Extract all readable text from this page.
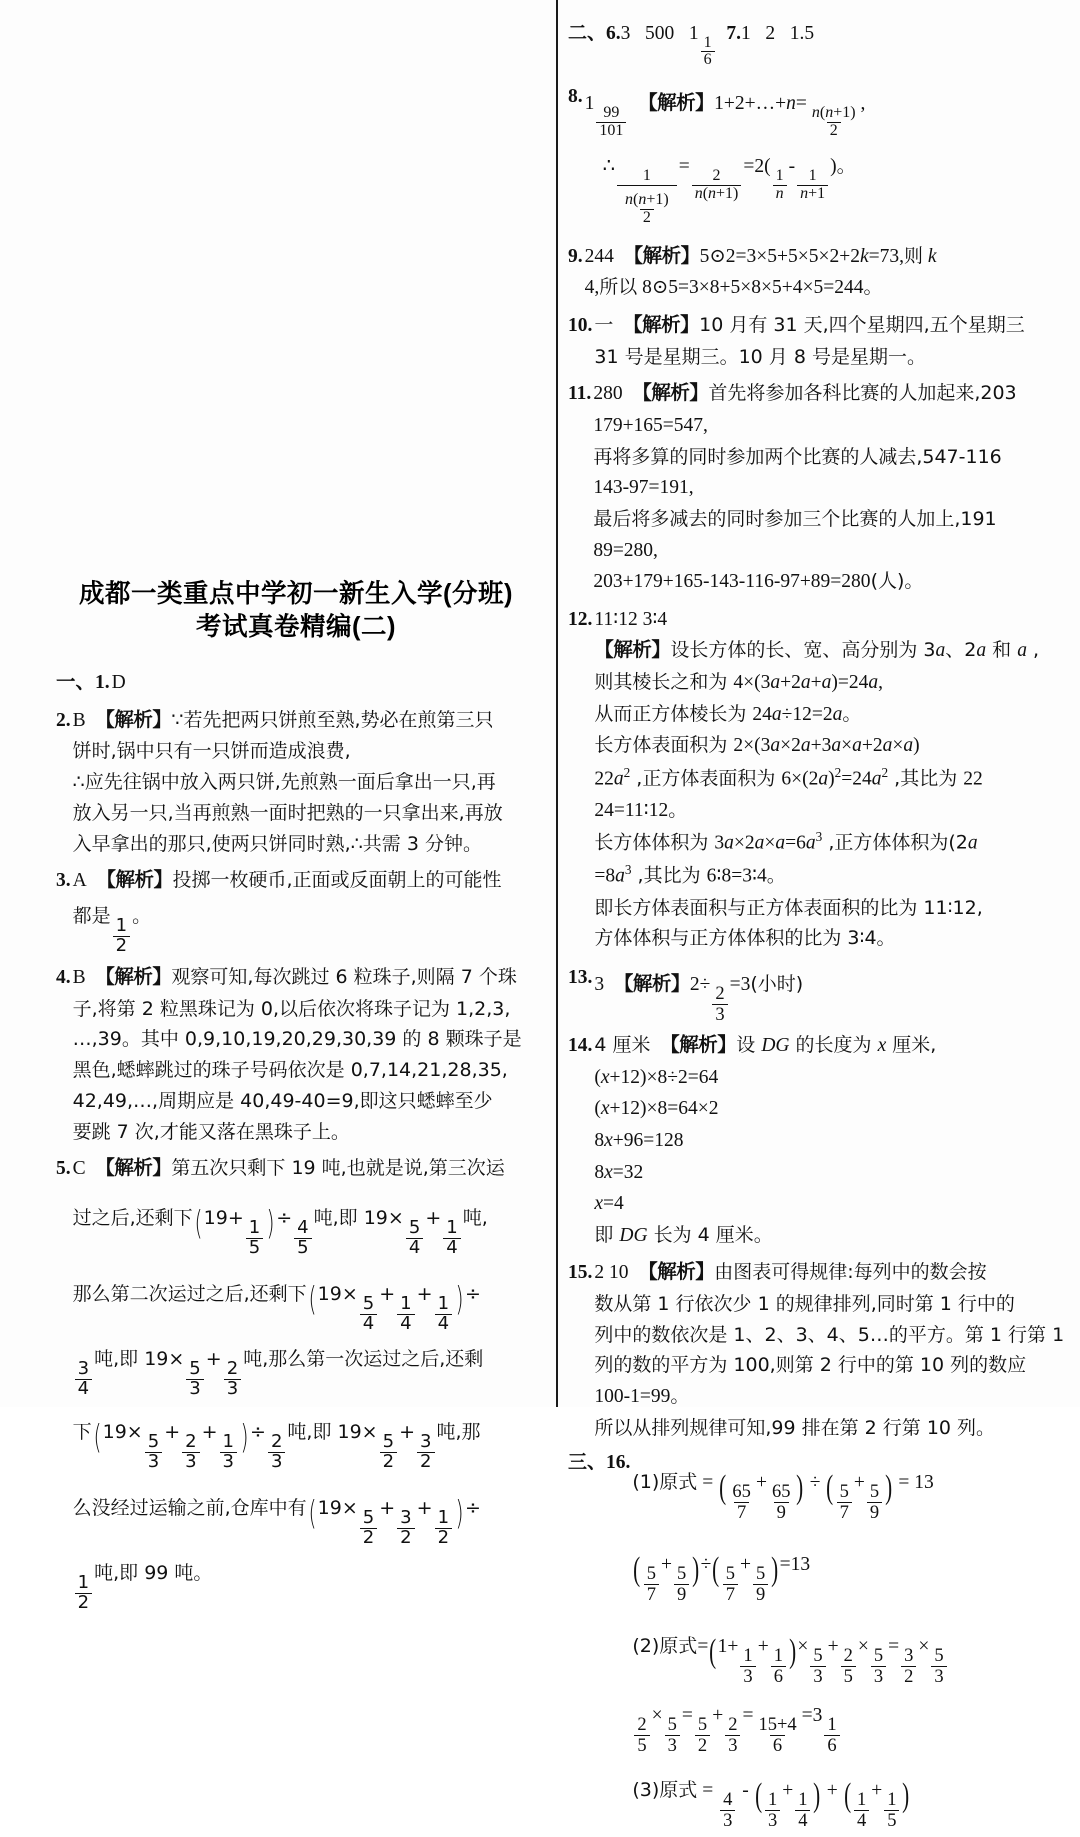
成都一类重点中学初一新生入学(分班)
考试真卷精编(二)
一、1. D
2. B 【解析】∵若先把两只饼煎至熟,势必在煎第三只
饼时,锅中只有一只饼而造成浪费,
∴应先往锅中放入两只饼,先煎熟一面后拿出一只,再
放入另一只,当再煎熟一面时把熟的一只拿出来,再放
入早拿出的那只,使两只饼同时熟,∴共需 3 分钟。
3. A 【解析】投掷一枚硬币,正面或反面朝上的可能性
都是
$\frac{1}{2}$
。
4. B 【解析】观察可知,每次跳过 6 粒珠子,则隔 7 个珠
子,将第 2 粒黑珠记为 0,以后依次将珠子记为 1,2,3,
…,39。其中 0,9,10,19,20,29,30,39 的 8 颗珠子是
黑色,蟋蟀跳过的珠子号码依次是 0,7,14,21,28,35,
42,49,…,周期应是 40,49-40=9,即这只蟋蟀至少
要跳 7 次,才能又落在黑珠子上。
5. C 【解析】第五次只剩下 19 吨,也就是说,第三次运
过之后,还剩下(19+
$\frac{1}{5}$ )÷
$\frac{4}{5}$
吨,即 19×
$\frac{5}{4}$
+
$\frac{1}{4}$
吨,
那么第二次运过之后,还剩下(19×
$\frac{5}{4}$
+
$\frac{1}{4}$
+
$\frac{1}{4}$ )÷
$\frac{3}{4}$
吨,即 19×
$\frac{5}{3}$
+
$\frac{2}{3}$
吨,那么第一次运过之后,还剩
下(19×
$\frac{5}{3}$
+
$\frac{2}{3}$
+
$\frac{1}{3}$ )÷
$\frac{2}{3}$
吨,即 19×
$\frac{5}{2}$
+
$\frac{3}{2}$
吨,那
么没经过运输之前,仓库中有(19×
$\frac{5}{2}$
+
$\frac{3}{2}$
+
$\frac{1}{2}$ )÷
$\frac{1}{2}$
吨,即 99 吨。
二、6.3 500 1
$\frac{1}{6}$
7.1 2 1.5
8. 1
$\frac{99}{101}$
【解析】1+2+…+n=
$\frac{n(n+1)}{2}$
,
∴
$\frac{1}{\frac{n(n+1)}{2}}$
=
$\frac{2}{n(n+1)}$
=2(
$\frac{1}{n}$
-
$\frac{1}{n+1}$
)。
9. 244 【解析】5⊙2=3×5+5×5×2+2k=73,则 k
4,所以 8⊙5=3×8+5×8×5+4×5=244。
10. 一 【解析】10 月有 31 天,四个星期四,五个星期三
31 号是星期三。10 月 8 号是星期一。
11. 280 【解析】首先将参加各科比赛的人加起来,203
179+165=547,
再将多算的同时参加两个比赛的人减去,547-116
143-97=191,
最后将多减去的同时参加三个比赛的人加上,191
89=280,
203+179+165-143-116-97+89=280(人)。
12. 11∶12 3∶4
【解析】设长方体的长、宽、高分别为 3a、2a 和 a ,
则其棱长之和为 4×(3a+2a+a)=24a,
从而正方体棱长为 24a÷12=2a。
长方体表面积为 2×(3a×2a+3a×a+2a×a)
$22a^2$ ,正方体表面积为 $6\times(2a)^2=24a^2$ ,其比为 22
24=11∶12。
长方体体积为 $3a\times 2a\times a=6a^3$ ,正方体体积为(2a
$=8a^3$ ,其比为 6∶8=3∶4。
即长方体表面积与正方体表面积的比为 11∶12,
方体体积与正方体体积的比为 3∶4。
13. 3 【解析】$2\div \frac{2}{3} =3$(小时)
14. 4 厘米 【解析】设 DG 的长度为 x 厘米,
(x+12)×8÷2=64
(x+12)×8=64×2
8x+96=128
8x=32
x=4
即 DG 长为 4 厘米。
15. 2 10 【解析】由图表可得规律:每列中的数会按
数从第 1 行依次少 1 的规律排列,同时第 1 行中的
列中的数依次是 1、2、3、4、5…的平方。第 1 行第 1
列的数的平方为 100,则第 2 行中的第 10 列的数应
100-1=99。
所以从排列规律可知,99 排在第 2 行第 10 列。
三、16.
(1)原式 = ( $\frac{65}{7} + \frac{65}{9}$ ) ÷ ( $\frac{5}{7} + \frac{5}{9}$ ) = 13
( $\frac{5}{7} + \frac{5}{9}$ )÷( $\frac{5}{7} + \frac{5}{9} )=13$
(2)原式$=(1+ \frac{1}{3} + \frac{1}{6}$ )× $\frac{5}{3} + \frac{2}{5} \times \frac{5}{3} = \frac{3}{2} \times \frac{5}{3}$
$\frac{2}{5} \times \frac{5}{3} = \frac{5}{2} + \frac{2}{3} = \frac{15+4}{6} =3 \frac{1}{6}$
(3)原式 = $\frac{4}{3}$ - ( $\frac{1}{3} + \frac{1}{4}$ ) + ( $\frac{1}{4} + \frac{1}{5}$ )
